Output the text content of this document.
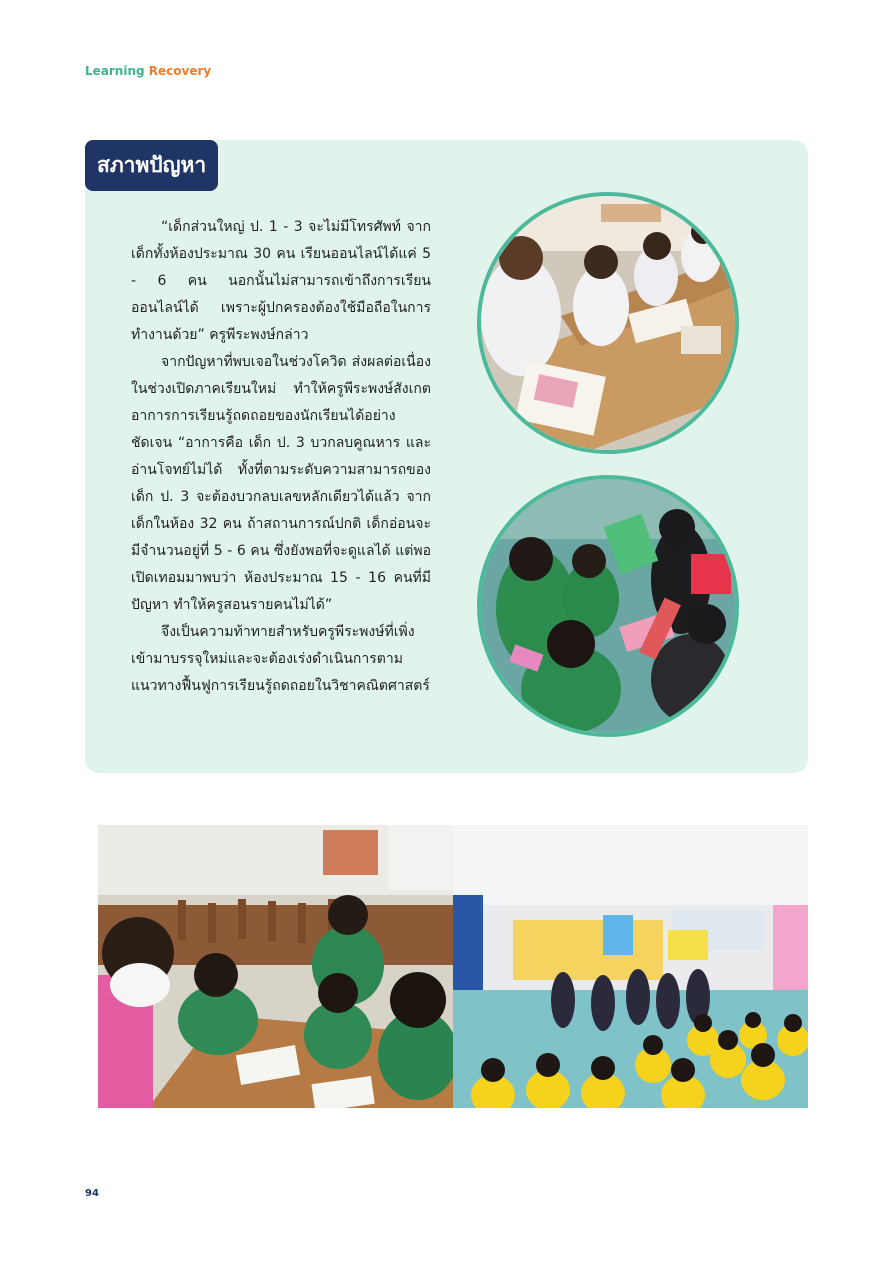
Learning Recovery
สภาพปัญหา

“เด็กส่วนใหญ่ ป. 1 - 3 จะไม่มีโทรศัพท์ จากเด็กทั้งห้องประมาณ 30 คน เรียนออนไลน์ได้แค่ 5 - 6 คน นอกนั้นไม่สามารถเข้าถึงการเรียนออนไลน์ได้ เพราะผู้ปกครองต้องใช้มือถือในการทำงานด้วย” ครูพีระพงษ์กล่าว

จากปัญหาที่พบเจอในช่วงโควิด ส่งผลต่อเนื่องในช่วงเปิดภาคเรียนใหม่ ทำให้ครูพีระพงษ์สังเกตอาการการเรียนรู้ถดถอยของนักเรียนได้อย่างชัดเจน “อาการคือ เด็ก ป. 3 บวกลบคูณหาร และอ่านโจทย์ไม่ได้ ทั้งที่ตามระดับความสามารถของเด็ก ป. 3 จะต้องบวกลบเลขหลักเดียวได้แล้ว จากเด็กในห้อง 32 คน ถ้าสถานการณ์ปกติ เด็กอ่อนจะมีจำนวนอยู่ที่ 5 - 6 คน ซึ่งยังพอที่จะดูแลได้ แต่พอเปิดเทอมมาพบว่า ห้องประมาณ 15 - 16 คนที่มีปัญหา ทำให้ครูสอนรายคนไม่ได้”

จึงเป็นความท้าทายสำหรับครูพีระพงษ์ที่เพิ่งเข้ามาบรรจุใหม่และจะต้องเร่งดำเนินการตามแนวทางฟื้นฟูการเรียนรู้ถดถอยในวิชาคณิตศาสตร์

94
